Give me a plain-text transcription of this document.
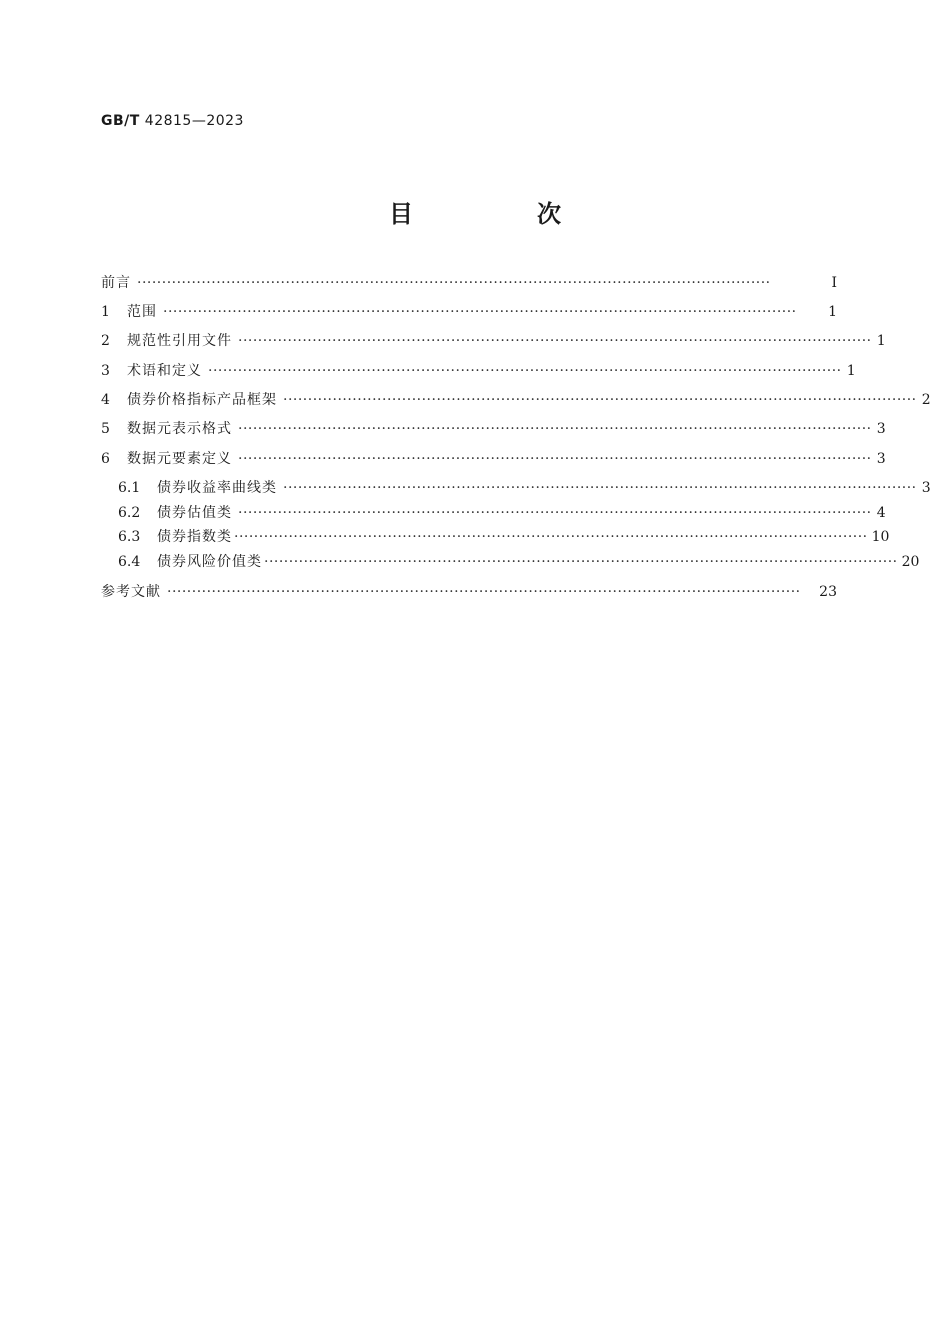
GB/T 42815—2023
目　次
前言 ································································································································	Ⅰ
1	范围 ································································································································	1
2	规范性引用文件 ································································································································ 1
3	术语和定义 ································································································································ 1
4	债券价格指标产品框架 ································································································································ 2
5	数据元表示格式 ································································································································ 3
6	数据元要素定义 ································································································································ 3
6.1	债券收益率曲线类 ································································································································ 3
6.2	债券估值类 ································································································································ 4
6.3	债券指数类 ································································································································ 10
6.4	债券风险价值类 ································································································································ 20
参考文献 ································································································································	23
